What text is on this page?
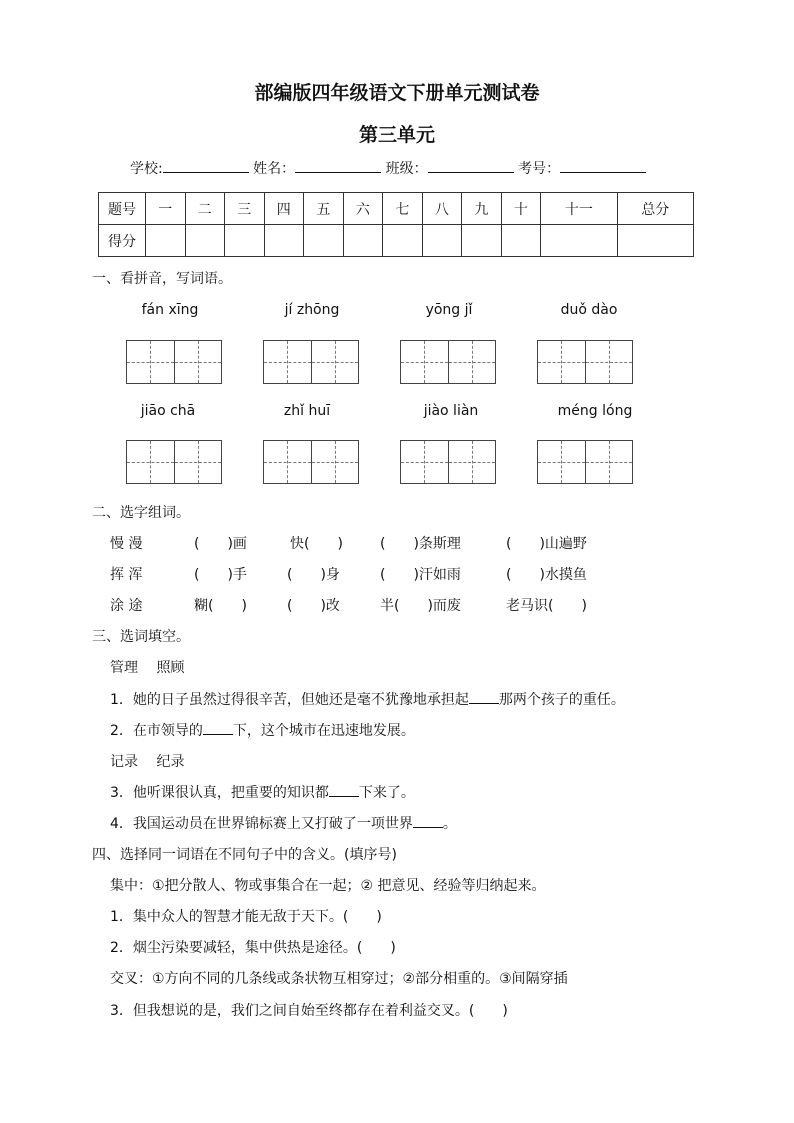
部编版四年级语文下册单元测试卷
第三单元
学校:	姓名：	班级：	考号：
题号	一	二	三	四	五	六	七	八	九	十	十一	总分
得分												
一、看拼音，写词语。
fán xīng	jí zhōng	yōng jǐ	duǒ dào
jiāo chā	zhǐ huī	jiào liàn	méng lóng
二、选字组词。
慢 漫	(　　)画	快(　　)	(　　)条斯理	(　　)山遍野
挥 浑	(　　)手	(　　)身	(　　)汗如雨	(　　)水摸鱼
涂 途	糊(　　)	(　　)改	半(　　)而废	老马识(　　)
三、选词填空。
管理　 照顾
1．她的日子虽然过得很辛苦，但她还是毫不犹豫地承担起 那两个孩子的重任。
2．在市领导的 下，这个城市在迅速地发展。
记录　 纪录
3．他听课很认真，把重要的知识都 下来了。
4．我国运动员在世界锦标赛上又打破了一项世界 。
四、选择同一词语在不同句子中的含义。(填序号)
集中：①把分散人、物或事集合在一起；② 把意见、经验等归纳起来。
1．集中众人的智慧才能无敌于天下。(　　)
2．烟尘污染要减轻，集中供热是途径。(　　)
交叉：①方向不同的几条线或条状物互相穿过；②部分相重的。③间隔穿插
3．但我想说的是，我们之间自始至终都存在着利益交叉。(　　)
